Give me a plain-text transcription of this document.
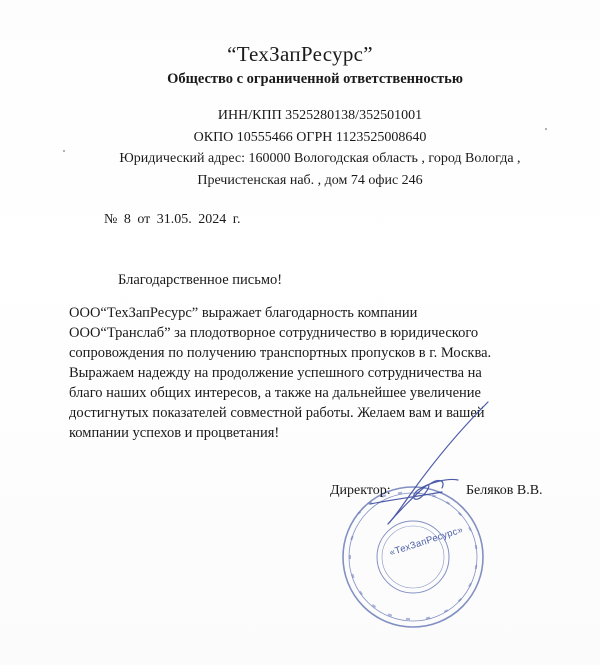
“ТехЗапРесурс”
Общество с ограниченной ответственностью
ИНН/КПП 3525280138/352501001
ОКПО 10555466 ОГРН 1123525008640
Юридический адрес: 160000 Вологодская область , город Вологда ,
Пречистенская наб. , дом 74 офис 246
№ 8 от 31.05. 2024 г.
Благодарственное письмо!
ООО“ТехЗапРесурс” выражает благодарность компании
ООО“Транслаб” за плодотворное сотрудничество в юридического
сопровождения по получению транспортных пропусков в г. Москва.
Выражаем надежду на продолжение успешного сотрудничества на
благо наших общих интересов, а также на дальнейшее увеличение
достигнутых показателей совместной работы. Желаем вам и вашей
компании успехов и процветания!
«ТехЗапРесурс»
Директор:	Беляков В.В.
